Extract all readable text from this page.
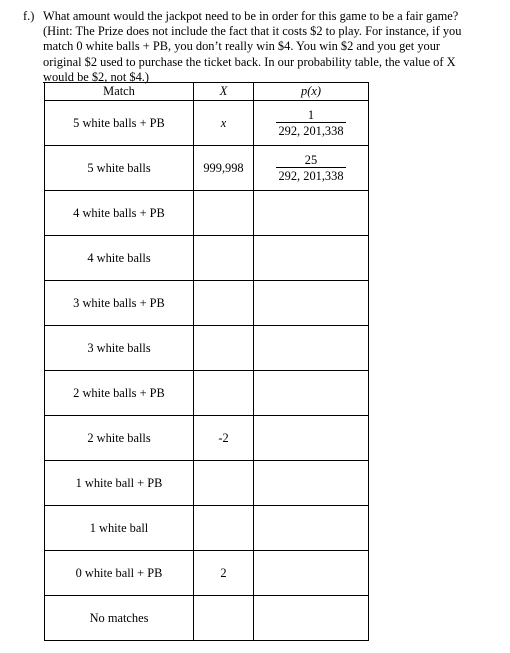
f.) What amount would the jackpot need to be in order for this game to be a fair game?
(Hint: The Prize does not include the fact that it costs $2 to play. For instance, if you
match 0 white balls + PB, you don’t really win $4. You win $2 and you get your
original $2 used to purchase the ticket back. In our probability table, the value of X
would be $2, not $4.)
Match	X	p(x)
5 white balls + PB	x	$\frac{1}{292, 201,338}$

5 white balls	999,998	$\frac{25}{292, 201,338}$

4 white balls + PB		
4 white balls		
3 white balls + PB		
3 white balls		
2 white balls + PB		
2 white balls	-2	
1 white ball + PB		
1 white ball		
0 white ball + PB	2	
No matches		
